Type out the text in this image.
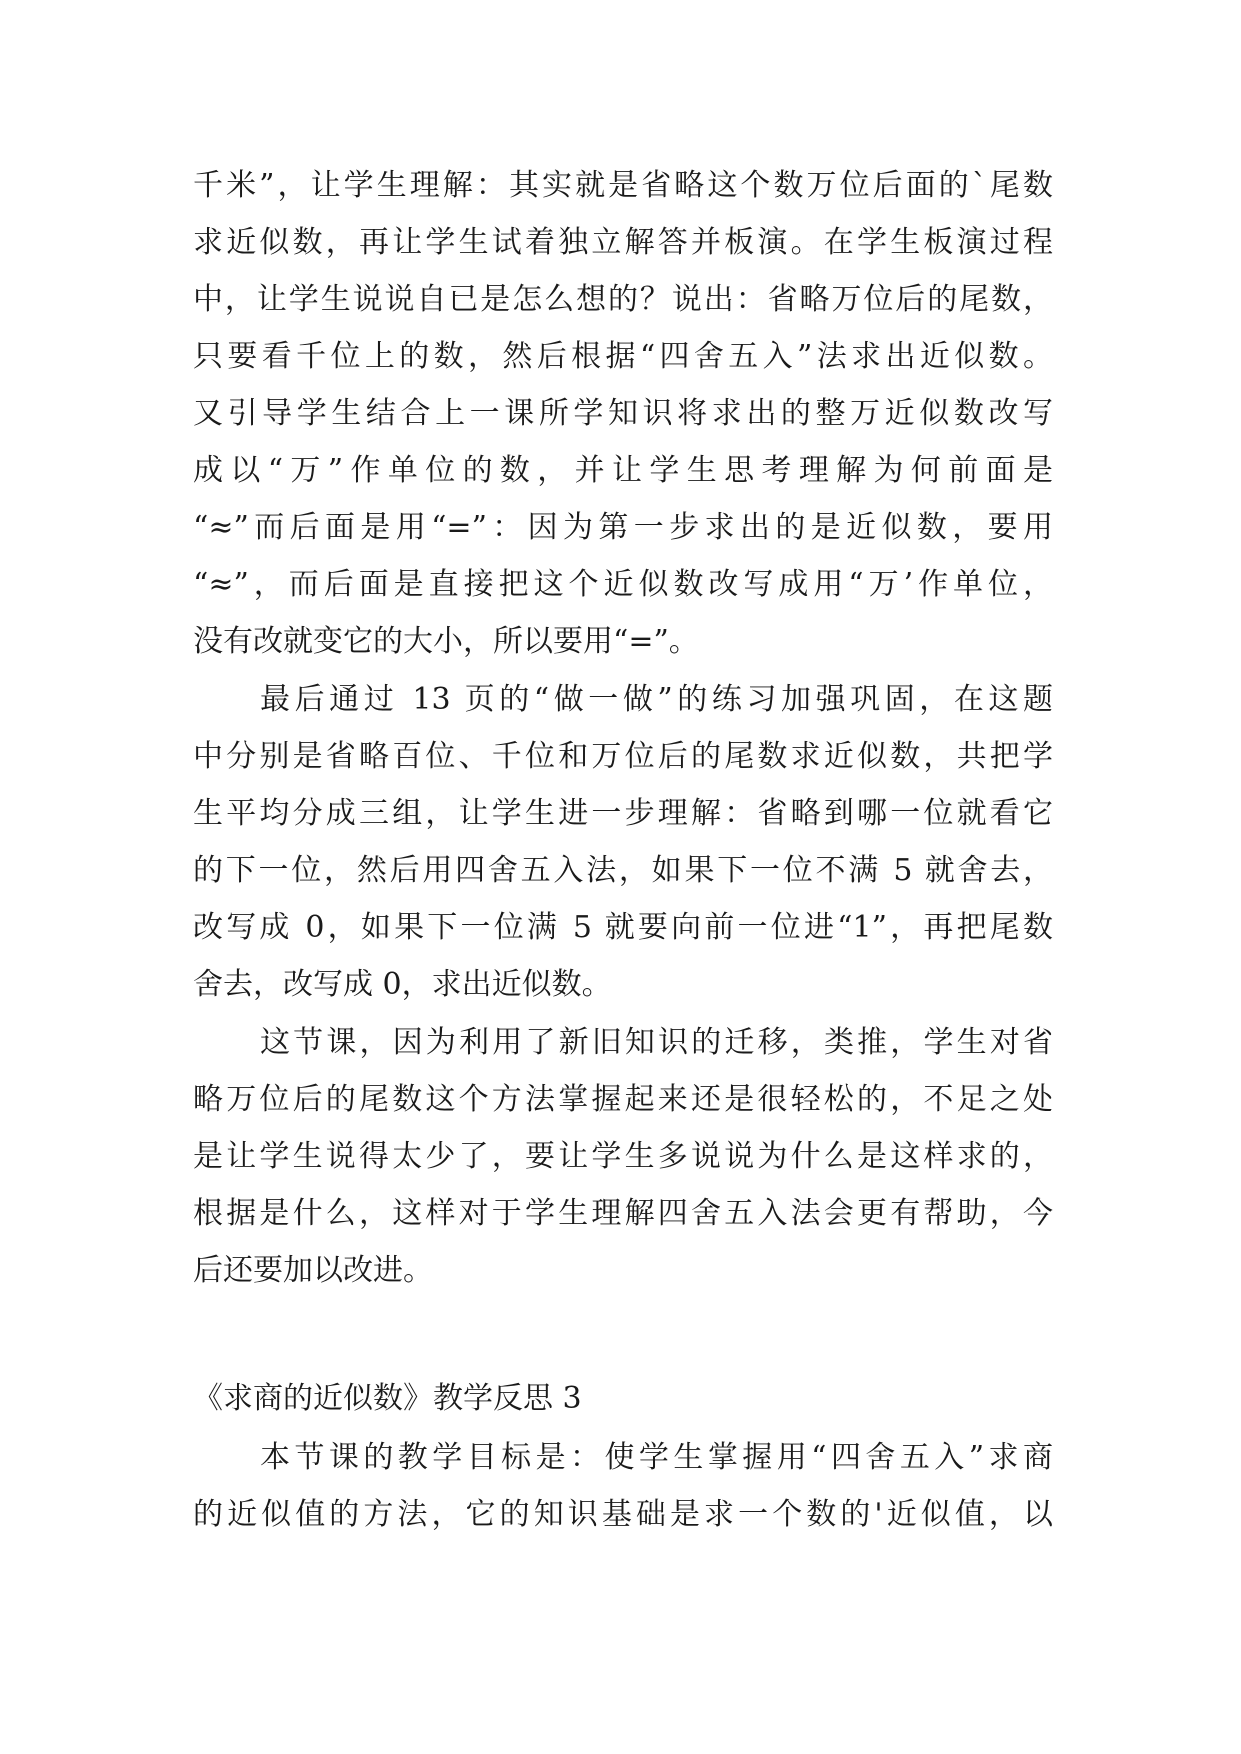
千米”，让学生理解：其实就是省略这个数万位后面的`尾数
求近似数，再让学生试着独立解答并板演。在学生板演过程
中，让学生说说自已是怎么想的？说出：省略万位后的尾数，
只要看千位上的数，然后根据“四舍五入”法求出近似数。
又引导学生结合上一课所学知识将求出的整万近似数改写
成以“万”作单位的数，并让学生思考理解为何前面是
“≈”而后面是用“=”：因为第一步求出的是近似数，要用
“≈”，而后面是直接把这个近似数改写成用“万’作单位，
没有改就变它的大小，所以要用“=”。
最后通过 13 页的“做一做”的练习加强巩固，在这题
中分别是省略百位、千位和万位后的尾数求近似数，共把学
生平均分成三组，让学生进一步理解：省略到哪一位就看它
的下一位，然后用四舍五入法，如果下一位不满 5 就舍去，
改写成 0，如果下一位满 5 就要向前一位进“1”，再把尾数
舍去，改写成 0，求出近似数。
这节课，因为利用了新旧知识的迁移，类推，学生对省
略万位后的尾数这个方法掌握起来还是很轻松的，不足之处
是让学生说得太少了，要让学生多说说为什么是这样求的，
根据是什么，这样对于学生理解四舍五入法会更有帮助，今
后还要加以改进。
《求商的近似数》教学反思 3
本节课的教学目标是：使学生掌握用“四舍五入”求商
的近似值的方法，它的知识基础是求一个数的'近似值，以
